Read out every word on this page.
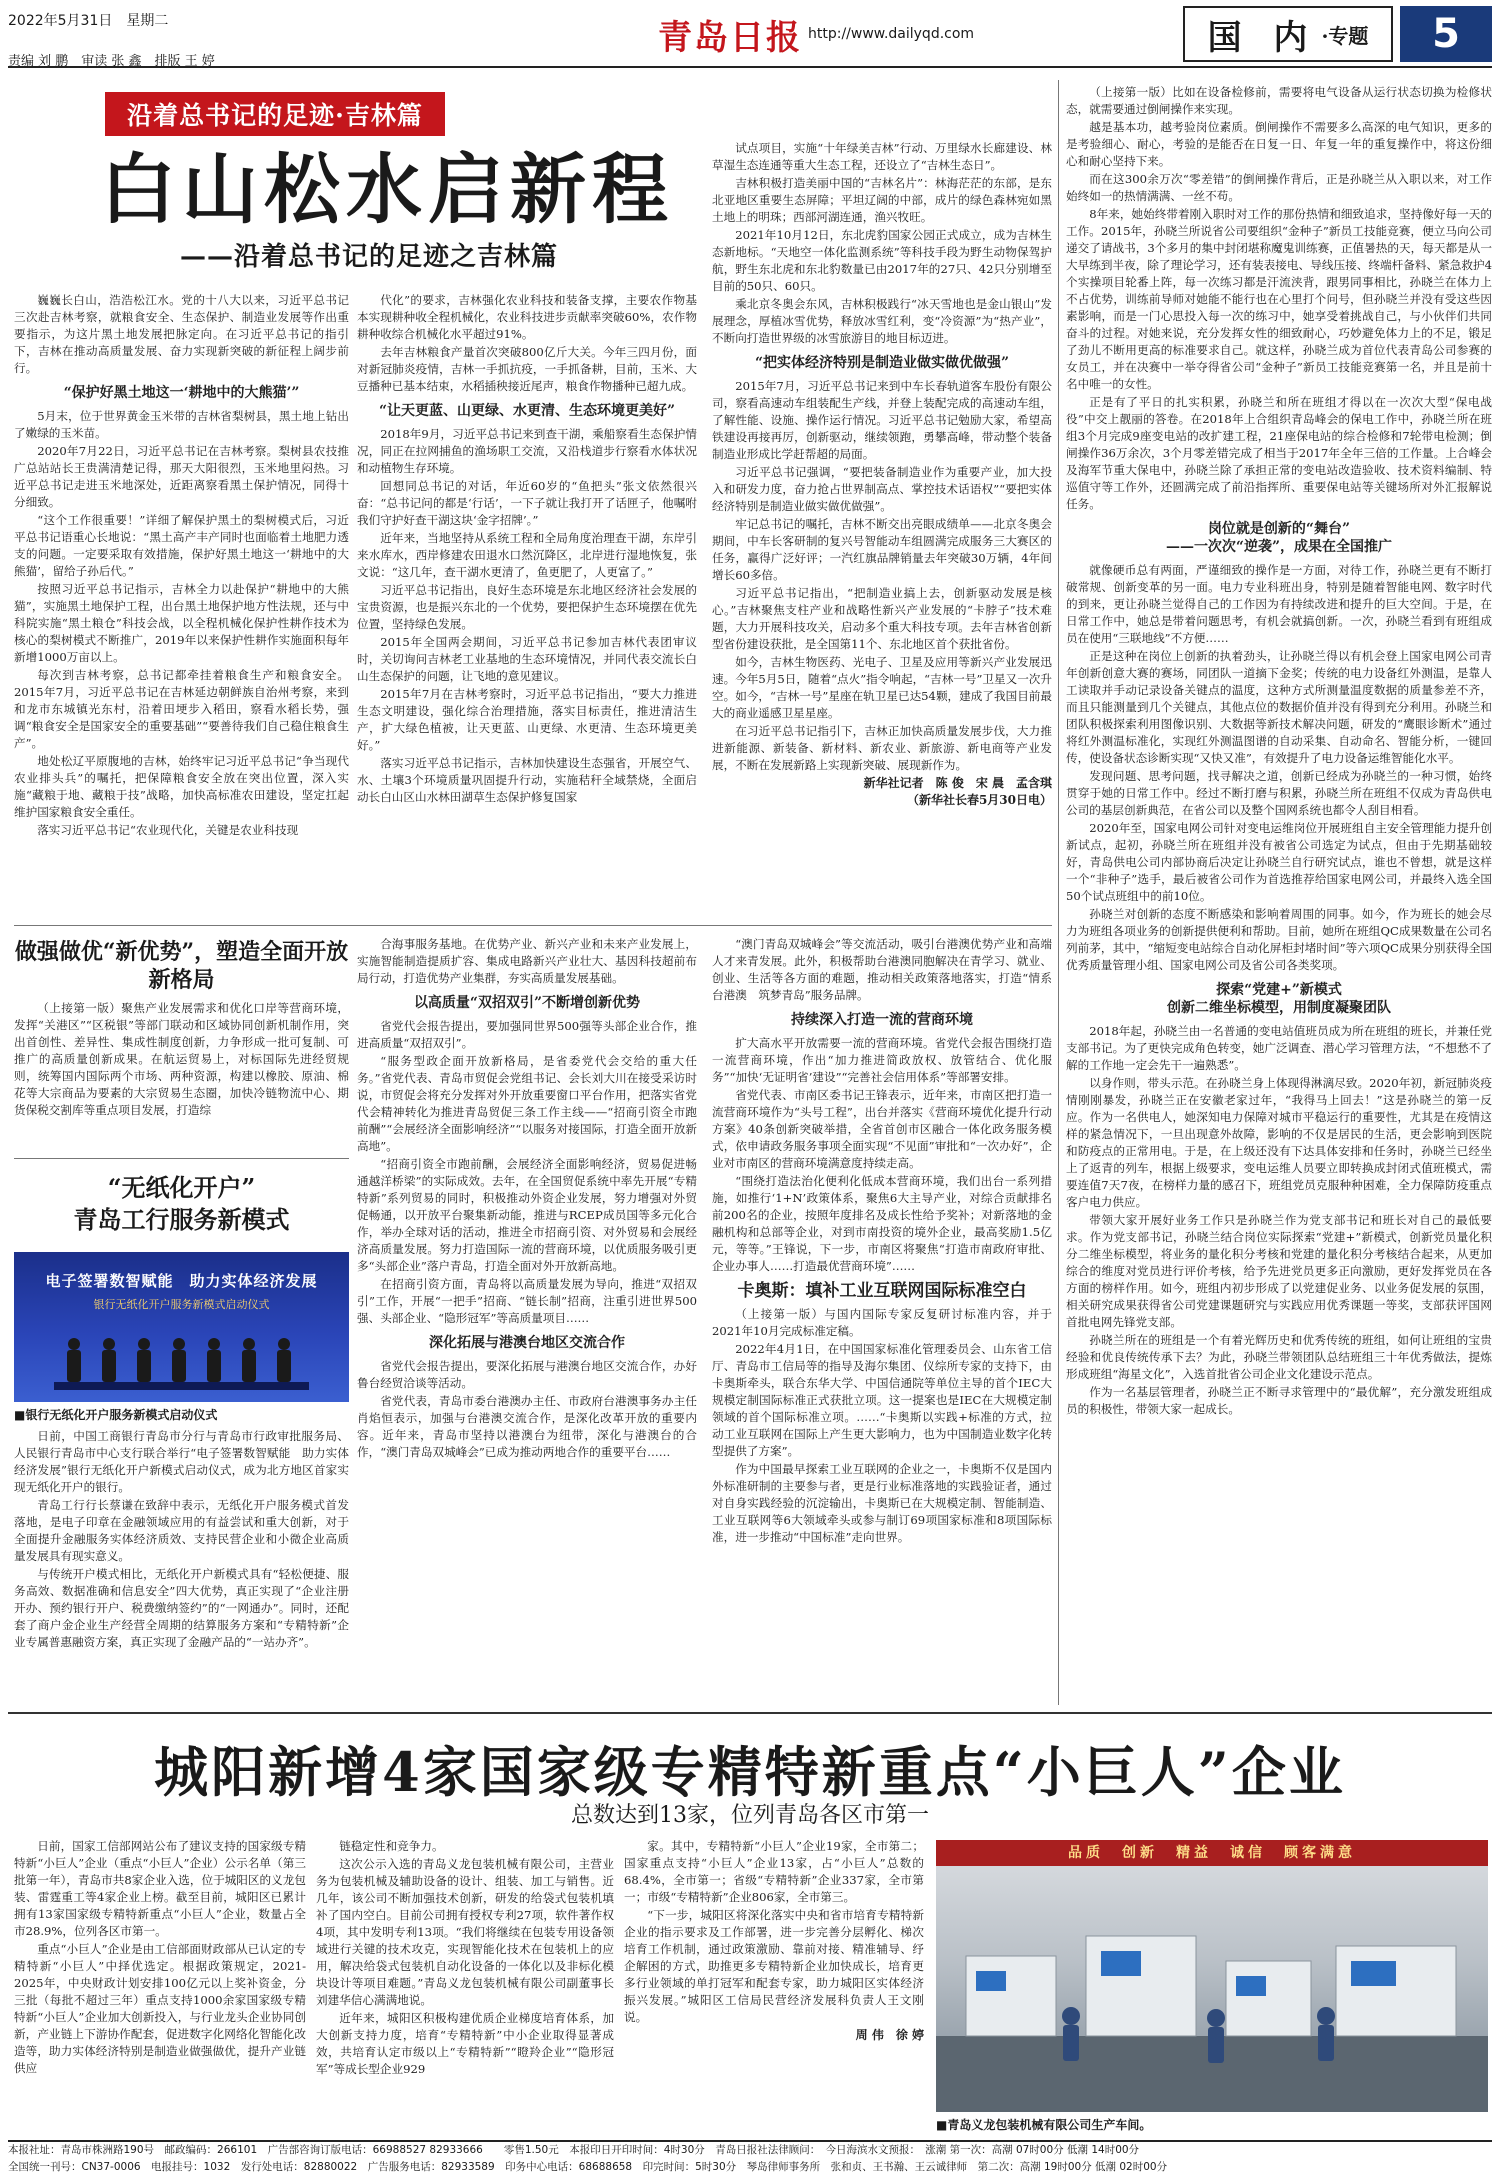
2022年5月31日　星期二
责编 刘 鹏　审读 张 鑫　排版 王 婷
青岛日报 http://www.dailyqd.com	国 内 ·专题	5
沿着总书记的足迹·吉林篇
白山松水启新程
——沿着总书记的足迹之吉林篇

巍巍长白山，浩浩松江水。党的十八大以来，习近平总书记三次赴吉林考察，就粮食安全、生态保护、制造业发展等作出重要指示，为这片黑土地发展把脉定向。在习近平总书记的指引下，吉林在推动高质量发展、奋力实现新突破的新征程上阔步前行。

“保护好黑土地这一‘耕地中的大熊猫’”

5月末，位于世界黄金玉米带的吉林省梨树县，黑土地上钻出了嫩绿的玉米苗。

2020年7月22日，习近平总书记在吉林考察。梨树县农技推广总站站长王贵满清楚记得，那天大阳很烈，玉米地里闷热。习近平总书记走进玉米地深处，近距离察看黑土保护情况，同得十分细致。

“这个工作很重要！”详细了解保护黑土的梨树模式后，习近平总书记语重心长地说：“黑土高产丰产同时也面临着土地肥力透支的问题。一定要采取有效措施，保护好黑土地这一‘耕地中的大熊猫’，留给子孙后代。”

按照习近平总书记指示，吉林全力以赴保护“耕地中的大熊猫”，实施黑土地保护工程，出台黑土地保护地方性法规，还与中科院实施“黑土粮仓”科技会战，以全程机械化保护性耕作技术为核心的梨树模式不断推广，2019年以来保护性耕作实施面积每年新增1000万亩以上。

每次到吉林考察，总书记都牵挂着粮食生产和粮食安全。2015年7月，习近平总书记在吉林延边朝鲜族自治州考察，来到和龙市东城镇光东村，沿着田埂步入稻田，察看水稻长势，强调“粮食安全是国家安全的重要基础”“要善待我们自己稳住粮食生产”。

地处松辽平原腹地的吉林，始终牢记习近平总书记“争当现代农业排头兵”的嘱托，把保障粮食安全放在突出位置，深入实施“藏粮于地、藏粮于技”战略，加快高标准农田建设，坚定扛起维护国家粮食安全重任。

落实习近平总书记“农业现代化，关键是农业科技现

代化”的要求，吉林强化农业科技和装备支撑，主要农作物基本实现耕种收全程机械化，农业科技进步贡献率突破60%，农作物耕种收综合机械化水平超过91%。

去年吉林粮食产量首次突破800亿斤大关。今年三四月份，面对新冠肺炎疫情，吉林一手抓抗疫，一手抓备耕，目前，玉米、大豆播种已基本结束，水稻插秧接近尾声，粮食作物播种已超九成。

“让天更蓝、山更绿、水更清、生态环境更美好”

2018年9月，习近平总书记来到查干湖，乘船察看生态保护情况，同正在拉网捕鱼的渔场职工交流，又沿栈道步行察看水体状况和动植物生存环境。

回想同总书记的对话，年近60岁的“鱼把头”张文依然很兴奋：“总书记问的都是‘行话’，一下子就让我打开了话匣子，他嘱咐我们守护好查干湖这块‘金字招牌’。”

近年来，当地坚持从系统工程和全局角度治理查干湖，东岸引来水库水，西岸修建农田退水口然沉降区，北岸进行湿地恢复，张文说：“这几年，查干湖水更清了，鱼更肥了，人更富了。”

习近平总书记指出，良好生态环境是东北地区经济社会发展的宝贵资源，也是振兴东北的一个优势，要把保护生态环境摆在优先位置，坚持绿色发展。

2015年全国两会期间，习近平总书记参加吉林代表团审议时，关切询问吉林老工业基地的生态环境情况，并同代表交流长白山生态保护的问题，让飞地的意见建议。

2015年7月在吉林考察时，习近平总书记指出，“要大力推进生态文明建设，强化综合治理措施，落实目标责任，推进清洁生产，扩大绿色植被，让天更蓝、山更绿、水更清、生态环境更美好。”

落实习近平总书记指示，吉林加快建设生态强省，开展空气、水、土壤3个环境质量巩固提升行动，实施秸秆全域禁烧，全面启动长白山区山水林田湖草生态保护修复国家

试点项目，实施“十年绿美吉林”行动、万里绿水长廊建设、林草湿生态连通等重大生态工程，还设立了“吉林生态日”。

吉林积极打造美丽中国的“吉林名片”：林海茫茫的东部，是东北亚地区重要生态屏障；平坦辽阔的中部，成片的绿色森林宛如黑土地上的明珠；西部河湖连通，渔兴牧旺。

2021年10月12日，东北虎豹国家公园正式成立，成为吉林生态新地标。“天地空一体化监测系统”等科技手段为野生动物保驾护航，野生东北虎和东北豹数量已由2017年的27只、42只分别增至目前的50只、60只。

乘北京冬奥会东风，吉林积极践行“冰天雪地也是金山银山”发展理念，厚植冰雪优势，释放冰雪红利，变“冷资源”为“热产业”，不断向打造世界级的冰雪旅游目的地目标迈进。

“把实体经济特别是制造业做实做优做强”

2015年7月，习近平总书记来到中车长春轨道客车股份有限公司，察看高速动车组装配生产线，并登上装配完成的高速动车组，了解性能、设施、操作运行情况。习近平总书记勉励大家，希望高铁建设再接再厉，创新驱动，继续领跑，勇攀高峰，带动整个装备制造业形成比学赶帮超的局面。

习近平总书记强调，“要把装备制造业作为重要产业，加大投入和研发力度，奋力抢占世界制高点、掌控技术话语权”“要把实体经济特别是制造业做实做优做强”。

牢记总书记的嘱托，吉林不断交出亮眼成绩单——北京冬奥会期间，中车长客研制的复兴号智能动车组圆满完成服务三大赛区的任务，赢得广泛好评；一汽红旗品牌销量去年突破30万辆，4年间增长60多倍。

习近平总书记指出，“把制造业搞上去，创新驱动发展是核心。”吉林聚焦支柱产业和战略性新兴产业发展的“卡脖子”技术难题，大力开展科技攻关，启动多个重大科技专项。去年吉林省创新型省份建设获批，是全国第11个、东北地区首个获批省份。

如今，吉林生物医药、光电子、卫星及应用等新兴产业发展迅速。今年5月5日，随着“点火”指令响起，“吉林一号”卫星又一次升空。如今，“吉林一号”星座在轨卫星已达54颗，建成了我国目前最大的商业遥感卫星星座。

在习近平总书记指引下，吉林正加快高质量发展步伐，大力推进新能源、新装备、新材料、新农业、新旅游、新电商等产业发展，不断在发展新路上实现新突破、展现新作为。

新华社记者　陈 俊　宋 晨　孟含琪
（新华社长春5月30日电）

（上接第一版）比如在设备检修前，需要将电气设备从运行状态切换为检修状态，就需要通过倒闸操作来实现。

越是基本功，越考验岗位素质。倒闸操作不需要多么高深的电气知识，更多的是考验细心、耐心，考验的是能否在日复一日、年复一年的重复操作中，将这份细心和耐心坚持下来。

而在这300余万次“零差错”的倒闸操作背后，正是孙晓兰从入职以来，对工作始终如一的热情满满、一丝不苟。

8年来，她始终带着刚入职时对工作的那份热情和细致追求，坚持像好每一天的工作。2015年，孙晓兰所说省公司要组织“金种子”新员工技能竞赛，便立马向公司递交了请战书，3个多月的集中封闭堪称魔鬼训练赛，正值暑热的天，每天都是从一大早练到半夜，除了理论学习，还有装表接电、导线压接、终端杆备料、紧急救护4个实操项目轮番上阵，每一次练习都是汗流浃背，跟男同事相比，孙晓兰在体力上不占优势，训练前导师对她能不能行也在心里打个问号，但孙晓兰并没有受这些因素影响，而是一门心思投入每一次的练习中，她享受着挑战自己，与小伙伴们共同奋斗的过程。对她来说，充分发挥女性的细致耐心，巧妙避免体力上的不足，锻足了劲儿不断用更高的标准要求自己。就这样，孙晓兰成为首位代表青岛公司参赛的女员工，并在决赛中一举夺得省公司“金种子”新员工技能竞赛第一名，并且是前十名中唯一的女性。

正是有了平日的扎实积累，孙晓兰和所在班组才得以在一次次大型“保电战役”中交上靓丽的答卷。在2018年上合组织青岛峰会的保电工作中，孙晓兰所在班组3个月完成9座变电站的改扩建工程，21座保电站的综合检修和7轮带电检测；倒闸操作36万余次，3个月零差错完成了相当于2017年全年三倍的工作量。上合峰会及海军节重大保电中，孙晓兰除了承担正常的变电站改造验收、技术资料编制、特巡值守等工作外，还圆满完成了前沿指挥所、重要保电站等关键场所对外汇报解说任务。

岗位就是创新的“舞台”
——一次次“逆袭”，成果在全国推广

就像硬币总有两面，严谨细致的操作是一方面，对待工作，孙晓兰更有不断打破常规、创新变革的另一面。电力专业科班出身，特别是随着智能电网、数字时代的到来，更让孙晓兰觉得自己的工作因为有持续改进和提升的巨大空间。于是，在日常工作中，她总是带着问题思考，有机会就搞创新。一次，孙晓兰看到有班组成员在使用“三联地线”不方便……

正是这种在岗位上创新的执着劲头，让孙晓兰得以有机会登上国家电网公司青年创新创意大赛的赛场，同团队一道摘下金奖；传统的电力设备红外测温，是靠人工读取并手动记录设备关键点的温度，这种方式所测量温度数据的质量参差不齐，而且只能测量到几个关键点，其他点位的数据价值并没有得到充分利用。孙晓兰和团队积极探索利用图像识别、大数据等新技术解决问题，研发的“鹰眼诊断术”通过将红外测温标准化，实现红外测温图谱的自动采集、自动命名、智能分析，一键回传，使设备状态诊断实现“又快又准”，有效提升了电力设备运维智能化水平。

发现问题、思考问题，找寻解决之道，创新已经成为孙晓兰的一种习惯，始终贯穿于她的日常工作中。经过不断打磨与积累，孙晓兰所在班组不仅成为青岛供电公司的基层创新典范，在省公司以及整个国网系统也都令人刮目相看。

2020年至，国家电网公司针对变电运维岗位开展班组自主安全管理能力提升创新试点，起初，孙晓兰所在班组并没有被省公司选定为试点，但由于先期基础较好，青岛供电公司内部协商后决定让孙晓兰自行研究试点，谁也不曾想，就是这样一个“非种子”选手，最后被省公司作为首选推荐给国家电网公司，并最终入选全国50个试点班组中的前10位。

孙晓兰对创新的态度不断感染和影响着周围的同事。如今，作为班长的她会尽力为班组各项业务的创新提供便利和帮助。目前，她所在班组QC成果数量在公司名列前茅，其中，“缩短变电站综合自动化屏柜封堵时间”等六项QC成果分别获得全国优秀质量管理小组、国家电网公司及省公司各类奖项。

探索“党建+”新模式
创新二维坐标模型，用制度凝聚团队

2018年起，孙晓兰由一名普通的变电站值班员成为所在班组的班长，并兼任党支部书记。为了更快完成角色转变，她广泛调查、潜心学习管理方法，“不想愁不了解的工作地一定会先干一遍熟悉”。

以身作则，带头示范。在孙晓兰身上体现得淋漓尽致。2020年初，新冠肺炎疫情刚刚暴发，孙晓兰正在安徽老家过年，“我得马上回去！”这是孙晓兰的第一反应。作为一名供电人，她深知电力保障对城市平稳运行的重要性，尤其是在疫情这样的紧急情况下，一旦出现意外故障，影响的不仅是居民的生活，更会影响到医院和防疫点的正常用电。于是，在上级还没有下达具体安排和任务时，孙晓兰已经坐上了返青的列车，根据上级要求，变电运维人员要立即转换成封闭式值班模式，需要连值7天7夜，在榜样力量的感召下，班组党员克服种种困难，全力保障防疫重点客户电力供应。

带领大家开展好业务工作只是孙晓兰作为党支部书记和班长对自己的最低要求。作为党支部书记，孙晓兰结合岗位实际探索“党建+”新模式，创新党员量化积分二维坐标模型，将业务的量化积分考核和党建的量化积分考核结合起来，从更加综合的维度对党员进行评价考核，给予先进党员更多正向激励，更好发挥党员在各方面的榜样作用。如今，班组内初步形成了以党建促业务、以业务促发展的氛围，相关研究成果获得省公司党建课题研究与实践应用优秀课题一等奖，支部获评国网首批电网先锋党支部。

孙晓兰所在的班组是一个有着光辉历史和优秀传统的班组，如何让班组的宝贵经验和优良传统传承下去？为此，孙晓兰带领团队总结班组三十年优秀做法，提炼形成班组“海星文化”，入选首批省公司企业文化建设示范点。

作为一名基层管理者，孙晓兰正不断寻求管理中的“最优解”，充分激发班组成员的积极性，带领大家一起成长。

做强做优“新优势”，塑造全面开放新格局

（上接第一版）聚焦产业发展需求和优化口岸等营商环境，发挥“关港区”“区税银”等部门联动和区域协同创新机制作用，突出首创性、差异性、集成性制度创新，力争形成一批可复制、可推广的高质量创新成果。在航运贸易上，对标国际先进经贸规则，统筹国内国际两个市场、两种资源，构建以橡胶、原油、棉花等大宗商品为要素的大宗贸易生态圈，加快冷链物流中心、期货保税交割库等重点项目发展，打造综

合海事服务基地。在优势产业、新兴产业和未来产业发展上，实施智能制造提质扩容、集成电路新兴产业壮大、基因科技超前布局行动，打造优势产业集群，夯实高质量发展基础。

以高质量“双招双引”不断增创新优势

省党代会报告提出，要加强同世界500强等头部企业合作，推进高质量“双招双引”。

“服务型政企面开放新格局，是省委党代会交给的重大任务。”省党代表、青岛市贸促会党组书记、会长刘大川在接受采访时说，市贸促会将充分发挥对外开放重要窗口平台作用，把落实省党代会精神转化为推进青岛贸促三条工作主线——“招商引资全市跑前酬”“会展经济全面影响经济”“以服务对接国际，打造全面开放新高地”。

“招商引资全市跑前酬，会展经济全面影响经济，贸易促进畅通越洋桥梁”的实际成效。去年，在全国贸促系统中率先开展“专精特新”系列贸易的同时，积极推动外资企业发展，努力增强对外贸促畅通，以开放平台聚集新动能，推进与RCEP成员国等多元化合作，举办全球对话的活动，推进全市招商引资、对外贸易和会展经济高质量发展。努力打造国际一流的营商环境，以优质服务吸引更多“头部企业”落户青岛，打造全面对外开放新高地。

在招商引资方面，青岛将以高质量发展为导向，推进“双招双引”工作，开展“一把手”招商、“链长制”招商，注重引进世界500强、头部企业、“隐形冠军”等高质量项目……

深化拓展与港澳台地区交流合作

省党代会报告提出，要深化拓展与港澳台地区交流合作，办好鲁台经贸洽谈等活动。

省党代表，青岛市委台港澳办主任、市政府台港澳事务办主任肖焰恒表示，加强与台港澳交流合作，是深化改革开放的重要内容。近年来，青岛市坚持以港澳台为纽带，深化与港澳台的合作，“澳门青岛双城峰会”已成为推动两地合作的重要平台……

“澳门青岛双城峰会”等交流活动，吸引台港澳优势产业和高端人才来青发展。此外，积极帮助台港澳同胞解决在青学习、就业、创业、生活等各方面的难题，推动相关政策落地落实，打造“情系台港澳　筑梦青岛”服务品牌。

持续深入打造一流的营商环境

扩大高水平开放需要一流的营商环境。省党代会报告围绕打造一流营商环境，作出“加力推进简政放权、放管结合、优化服务”“加快‘无证明省’建设”“完善社会信用体系”等部署安排。

省党代表、市南区委书记王锋表示，近年来，市南区把打造一流营商环境作为“头号工程”，出台并落实《营商环境优化提升行动方案》40条创新突破举措，全省首创市区融合一体化政务服务模式，依申请政务服务事项全面实现“不见面”审批和“一次办好”，企业对市南区的营商环境满意度持续走高。

“围绕打造法治化便利化低成本营商环境，我们出台一系列措施，如推行‘1+N’政策体系，聚焦6大主导产业，对综合贡献排名前200名的企业，按照年度排名及成长性给予奖补；对新落地的金融机构和总部等企业，对到市南投资的境外企业，最高奖励1.5亿元，等等。”王锋说，下一步，市南区将聚焦“打造市南政府审批、企业办事人……打造最优营商环境”……

卡奥斯：填补工业互联网国际标准空白

（上接第一版）与国内国际专家反复研讨标准内容，并于2021年10月完成标准定稿。

2022年4月1日，在中国国家标准化管理委员会、山东省工信厅、青岛市工信局等的指导及海尔集团、仪综所专家的支持下，由卡奥斯牵头，联合东华大学、中国信通院等单位主导的首个IEC大规模定制国际标准正式获批立项。这一提案也是IEC在大规模定制领域的首个国际标准立项。……“卡奥斯以实践+标准的方式，拉动工业互联网在国际上产生更大影响力，也为中国制造业数字化转型提供了方案”。

作为中国最早探索工业互联网的企业之一，卡奥斯不仅是国内外标准研制的主要参与者，更是行业标准落地的实践验证者，通过对自身实践经验的沉淀输出，卡奥斯已在大规模定制、智能制造、工业互联网等6大领域牵头或参与制订69项国家标准和8项国际标准，进一步推动“中国标准”走向世界。

“无纸化开户”
青岛工行服务新模式
电子签署数智赋能　助力实体经济发展
银行无纸化开户服务新模式启动仪式
■银行无纸化开户服务新模式启动仪式

日前，中国工商银行青岛市分行与青岛市行政审批服务局、人民银行青岛市中心支行联合举行“电子签署数智赋能　助力实体经济发展”银行无纸化开户新模式启动仪式，成为北方地区首家实现无纸化开户的银行。

青岛工行行长蔡谦在致辞中表示，无纸化开户服务模式首发落地，是电子印章在金融领域应用的有益尝试和重大创新，对于全面提升金融服务实体经济质效、支持民营企业和小微企业高质量发展具有现实意义。

与传统开户模式相比，无纸化开户新模式具有“轻松便捷、服务高效、数据准确和信息安全”四大优势，真正实现了“企业注册开办、预约银行开户、税费缴纳签约”的“一网通办”。同时，还配套了商户金企业生产经营全周期的结算服务方案和“专精特新”企业专属普惠融资方案，真正实现了金融产品的“一站办齐”。

城阳新增4家国家级专精特新重点“小巨人”企业
总数达到13家，位列青岛各区市第一

日前，国家工信部网站公布了建议支持的国家级专精特新“小巨人”企业（重点“小巨人”企业）公示名单（第三批第一年），青岛市共8家企业入选，位于城阳区的义龙包装、雷霆重工等4家企业上榜。截至目前，城阳区已累计拥有13家国家级专精特新重点“小巨人”企业，数量占全市28.9%，位列各区市第一。

重点“小巨人”企业是由工信部面财政部从已认定的专精特新“小巨人”中择优选定。根据政策规定，2021-2025年，中央财政计划安排100亿元以上奖补资金，分三批（每批不超过三年）重点支持1000余家国家级专精特新“小巨人”企业加大创新投入，与行业龙头企业协同创新，产业链上下游协作配套，促进数字化网络化智能化改造等，助力实体经济特别是制造业做强做优，提升产业链供应

链稳定性和竞争力。

这次公示入选的青岛义龙包装机械有限公司，主营业务为包装机械及辅助设备的设计、组装、加工与销售。近几年，该公司不断加强技术创新，研发的给袋式包装机填补了国内空白。目前公司拥有授权专利27项，软件著作权4项，其中发明专利13项。“我们将继续在包装专用设备领域进行关键的技术攻克，实现智能化技术在包装机上的应用，解决给袋式包装机自动化设备的一体化以及非标化模块设计等项目难题。”青岛义龙包装机械有限公司副董事长刘建华信心满满地说。

近年来，城阳区积极构建优质企业梯度培育体系，加大创新支持力度，培育“专精特新”中小企业取得显著成效，共培育认定市级以上“专精特新”“瞪羚企业”“隐形冠军”等成长型企业929

家。其中，专精特新“小巨人”企业19家，全市第二；国家重点支持“小巨人”企业13家，占“小巨人”总数的68.4%，全市第一；省级“专精特新”企业337家，全市第一；市级“专精特新”企业806家，全市第三。

“下一步，城阳区将深化落实中央和省市培育专精特新企业的指示要求及工作部署，进一步完善分层孵化、梯次培育工作机制，通过政策激励、靠前对接、精准辅导、纾企解困的方式，助推更多专精特新企业加快成长，培育更多行业领域的单打冠军和配套专家，助力城阳区实体经济振兴发展。”城阳区工信局民营经济发展科负责人王文刚说。

周 伟　徐 婷
品质　创新　精益　诚信　顾客满意
■青岛义龙包装机械有限公司生产车间。
本报社址：青岛市株洲路190号　邮政编码：266101　广告部咨询订版电话：66988527 82933666　　零售1.50元　本报印日开印时间：4时30分　青岛日报社法律顾问：　今日海滨水文预报：　涨潮 第一次：高潮 07时00分 低潮 14时00分
全国统一刊号：CN37-0006　电报挂号：1032　发行处电话：82880022　广告服务电话：82933589　印务中心电话：68688658　印完时间：5时30分　琴岛律师事务所　张和贞、王书瀚、王云诚律师　第二次：高潮 19时00分 低潮 02时00分
